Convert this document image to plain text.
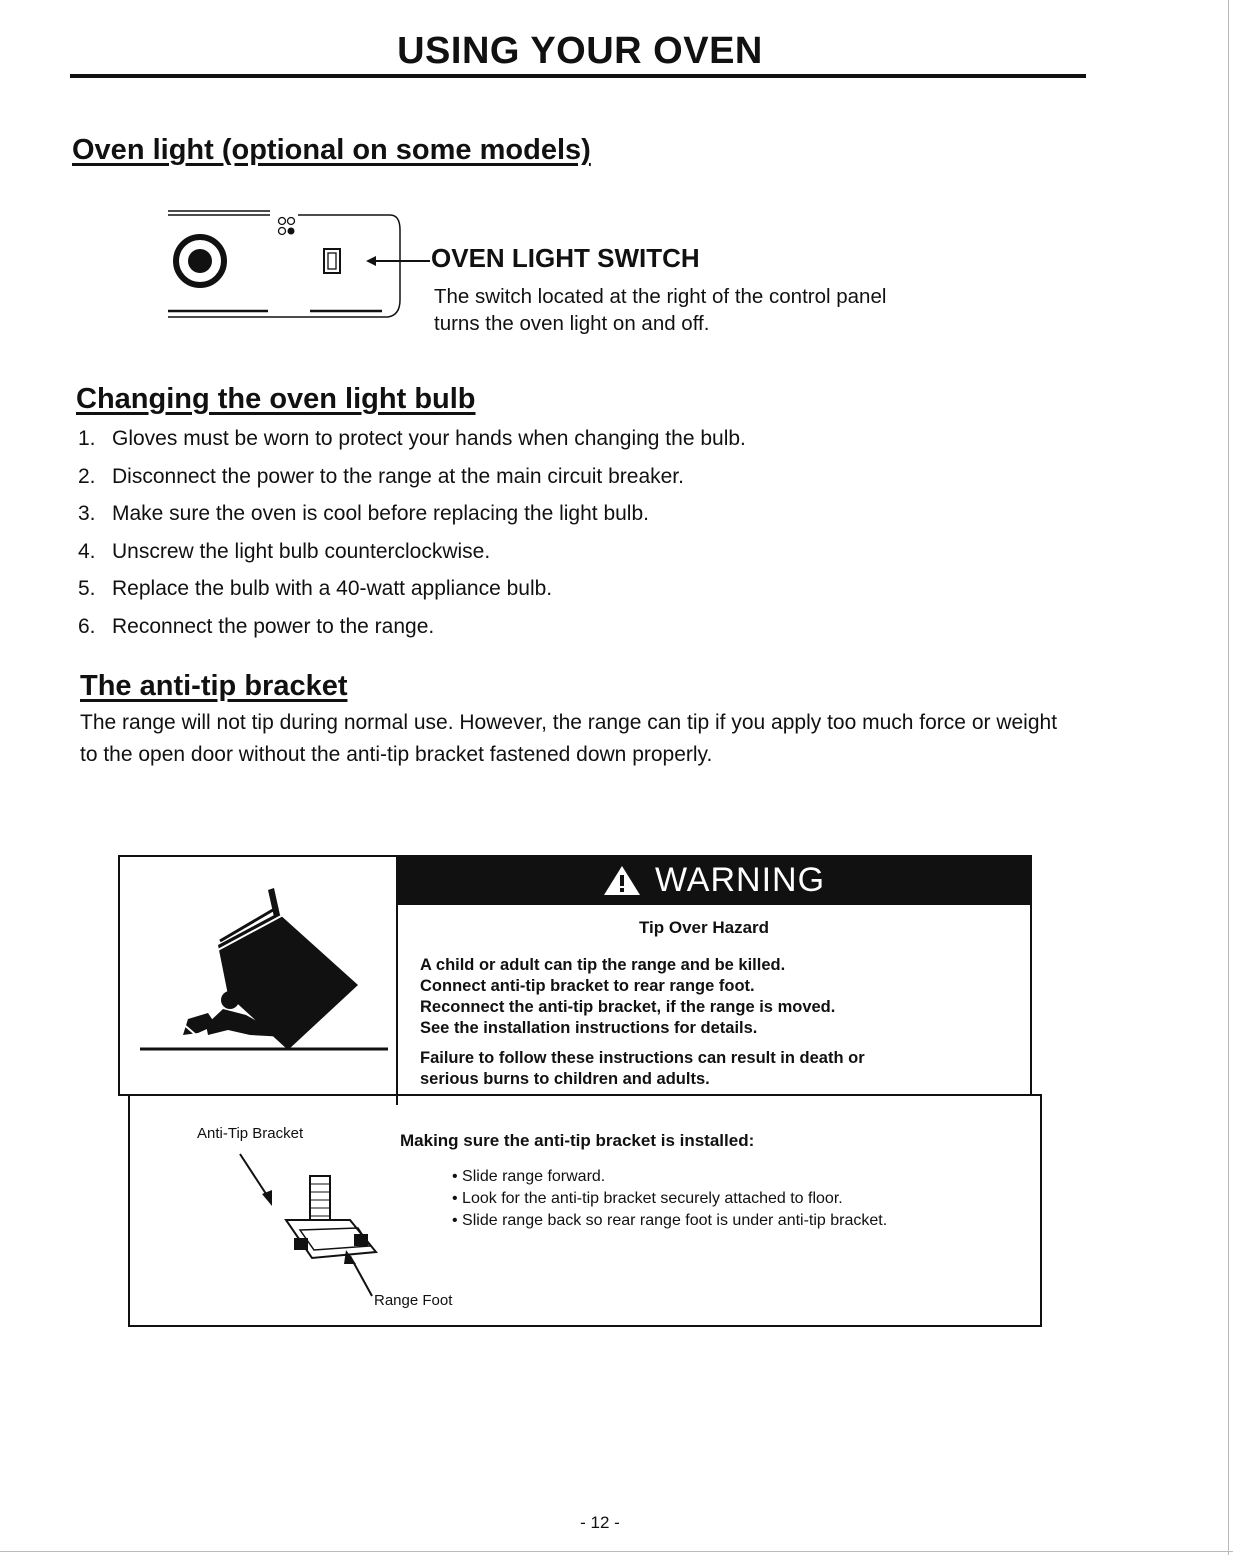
USING YOUR OVEN
Oven light (optional on some models)
OVEN LIGHT SWITCH
The switch located at the right of the control panel turns the oven light on and off.
Changing the oven light bulb
1. Gloves must be worn to protect your hands when changing the bulb.
2. Disconnect the power to the range at the main circuit breaker.
3. Make sure the oven is cool before replacing the light bulb.
4. Unscrew the light bulb counterclockwise.
5. Replace the bulb with a 40-watt appliance bulb.
6. Reconnect the power to the range.
The anti-tip bracket
The range will not tip during normal use. However, the range can tip if you apply too much force or weight to the open door without the anti-tip bracket fastened down properly.
WARNING
Tip Over Hazard

A child or adult can tip the range and be killed.

Connect anti-tip bracket to rear range foot.

Reconnect the anti-tip bracket, if the range is moved.

See the installation instructions for details.

Failure to follow these instructions can result in death or

serious burns to children and adults.

Anti-Tip Bracket
Range Foot
Making sure the anti-tip bracket is installed:
• Slide range forward.
• Look for the anti-tip bracket securely attached to floor.
• Slide range back so rear range foot is under anti-tip bracket.
- 12 -
